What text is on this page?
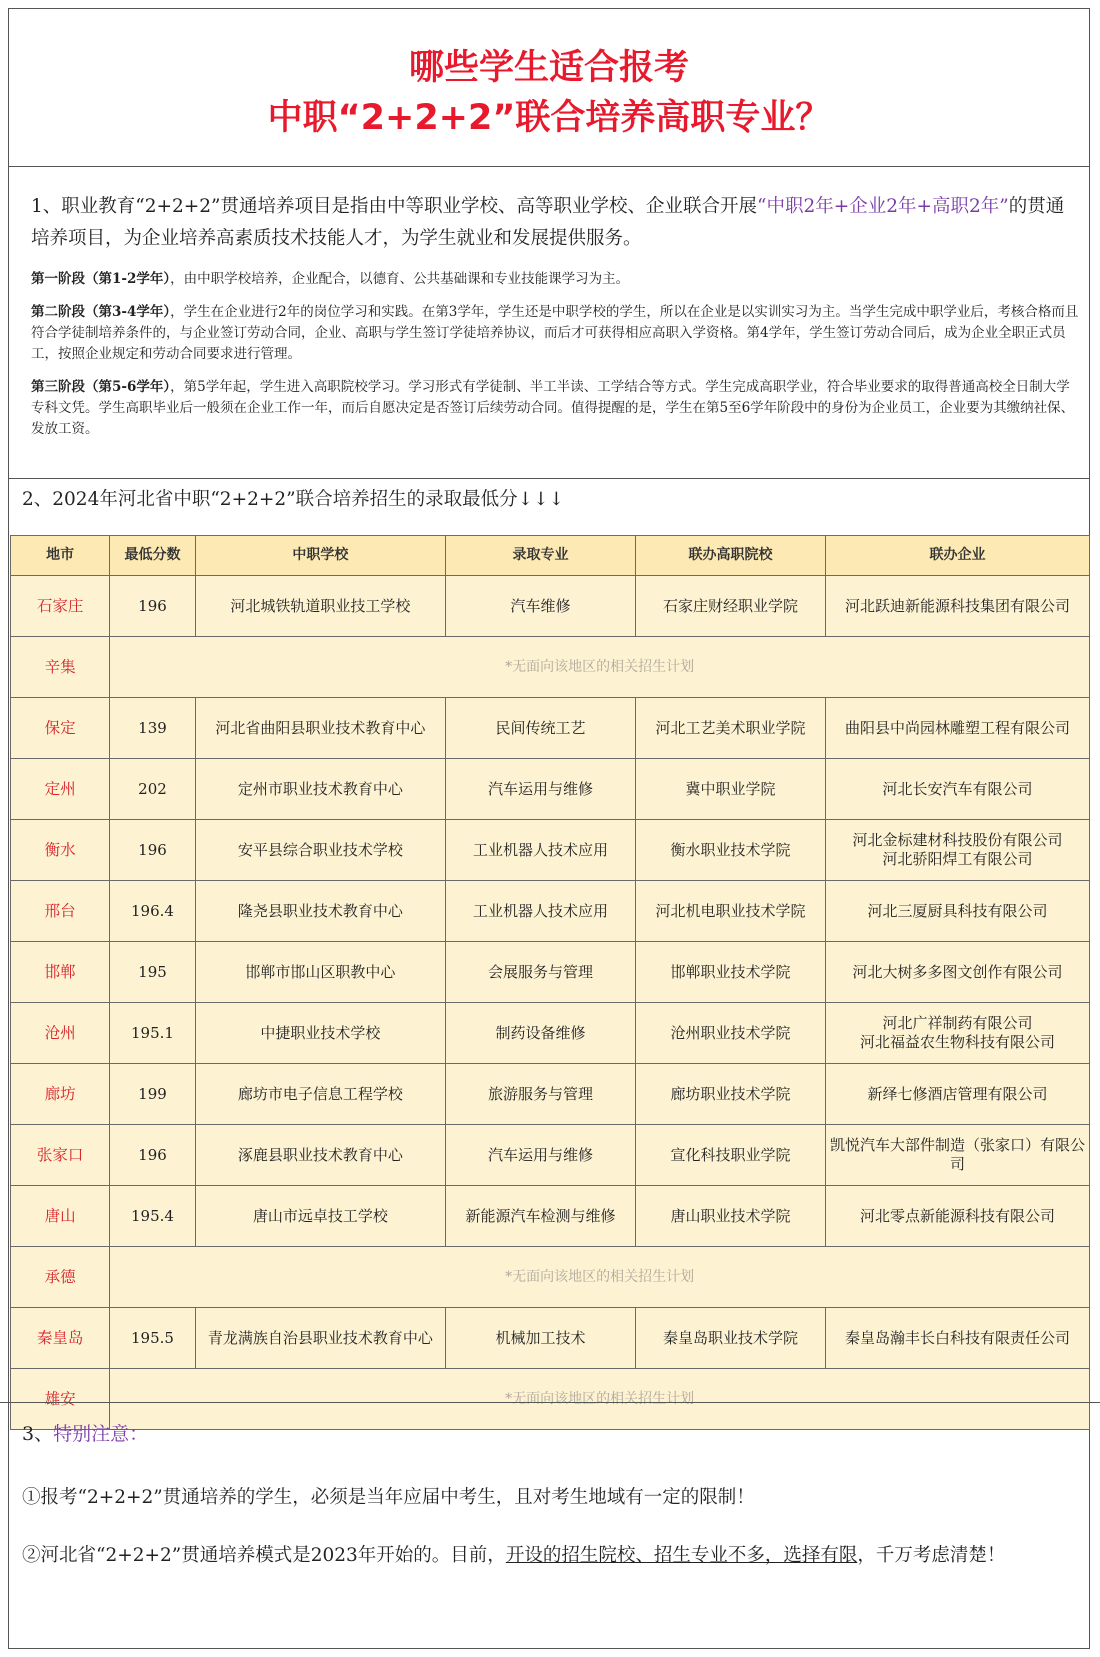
哪些学生适合报考
中职“2+2+2”联合培养高职专业？

1、职业教育“2+2+2”贯通培养项目是指由中等职业学校、高等职业学校、企业联合开展“中职2年+企业2年+高职2年”的贯通培养项目，为企业培养高素质技术技能人才，为学生就业和发展提供服务。

第一阶段（第1-2学年），由中职学校培养，企业配合，以德育、公共基础课和专业技能课学习为主。

第二阶段（第3-4学年），学生在企业进行2年的岗位学习和实践。在第3学年，学生还是中职学校的学生，所以在企业是以实训实习为主。当学生完成中职学业后，考核合格而且符合学徒制培养条件的，与企业签订劳动合同，企业、高职与学生签订学徒培养协议，而后才可获得相应高职入学资格。第4学年，学生签订劳动合同后，成为企业全职正式员工，按照企业规定和劳动合同要求进行管理。

第三阶段（第5-6学年），第5学年起，学生进入高职院校学习。学习形式有学徒制、半工半读、工学结合等方式。学生完成高职学业，符合毕业要求的取得普通高校全日制大学专科文凭。学生高职毕业后一般须在企业工作一年，而后自愿决定是否签订后续劳动合同。值得提醒的是，学生在第5至6学年阶段中的身份为企业员工，企业要为其缴纳社保、发放工资。

2、2024年河北省中职“2+2+2”联合培养招生的录取最低分↓↓↓
地市	最低分数	中职学校	录取专业	联办高职院校	联办企业
石家庄	196	河北城铁轨道职业技工学校	汽车维修	石家庄财经职业学院	河北跃迪新能源科技集团有限公司
辛集	*无面向该地区的相关招生计划				
保定	139	河北省曲阳县职业技术教育中心	民间传统工艺	河北工艺美术职业学院	曲阳县中尚园林雕塑工程有限公司
定州	202	定州市职业技术教育中心	汽车运用与维修	冀中职业学院	河北长安汽车有限公司
衡水	196	安平县综合职业技术学校	工业机器人技术应用	衡水职业技术学院	河北金标建材科技股份有限公司
河北骄阳焊工有限公司
邢台	196.4	隆尧县职业技术教育中心	工业机器人技术应用	河北机电职业技术学院	河北三厦厨具科技有限公司
邯郸	195	邯郸市邯山区职教中心	会展服务与管理	邯郸职业技术学院	河北大树多多图文创作有限公司
沧州	195.1	中捷职业技术学校	制药设备维修	沧州职业技术学院	河北广祥制药有限公司
河北福益农生物科技有限公司
廊坊	199	廊坊市电子信息工程学校	旅游服务与管理	廊坊职业技术学院	新绎七修酒店管理有限公司
张家口	196	涿鹿县职业技术教育中心	汽车运用与维修	宣化科技职业学院	凯悦汽车大部件制造（张家口）有限公司
唐山	195.4	唐山市远卓技工学校	新能源汽车检测与维修	唐山职业技术学院	河北零点新能源科技有限公司
承德	*无面向该地区的相关招生计划				
秦皇岛	195.5	青龙满族自治县职业技术教育中心	机械加工技术	秦皇岛职业技术学院	秦皇岛瀚丰长白科技有限责任公司
雄安	*无面向该地区的相关招生计划				
3、特别注意：
①报考“2+2+2”贯通培养的学生，必须是当年应届中考生，且对考生地域有一定的限制！
②河北省“2+2+2”贯通培养模式是2023年开始的。目前，开设的招生院校、招生专业不多，选择有限，千万考虑清楚！
